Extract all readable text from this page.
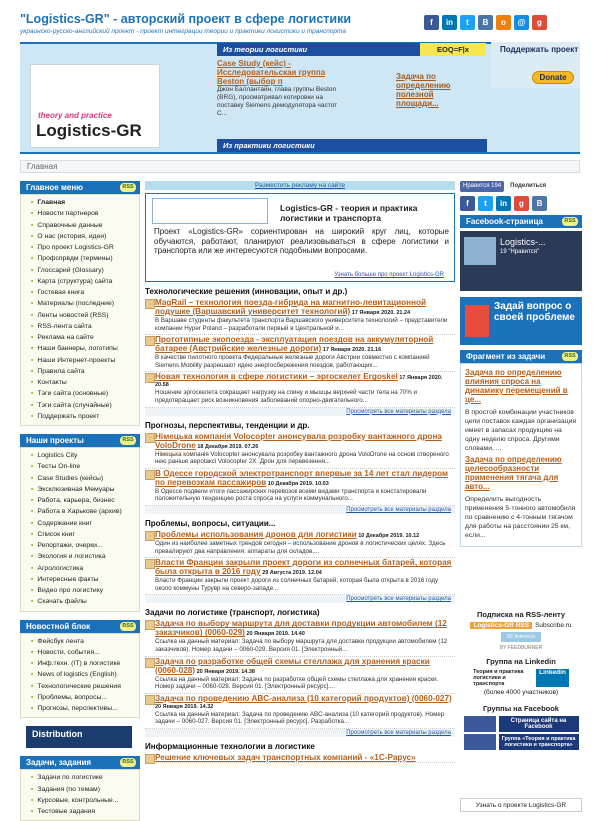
"Logistics-GR" - авторский проект в сфере логистики
украинско-русско-английский проект - проект интеграции теории и практики логистики и транспорта
f	in	t	B	o	@	g
theory and practice
Logistics-GR
Из теории логистики	EOQ=F|x
Из практики логистики
Case Study (кейс) - Исследовательская группа Beston (выбор п
Джон Баллантайн, глава группы Beston (BRG), просматривал котировки на поставку Siemens демодулятора частот С...
Задача по определению полезной площади...
Поддержать проект
Donate
Главная
Главное меню	RSS
■ Главная
■ Новости партнеров
■ Справочные данные
■ О нас (история, идеи)
■ Про проект Logistics-GR
■ Профспрвдм (термины)
■ Глоссарий (Glossary)
■ Карта (структура) сайта
■ Гостевая книга
■ Материалы (последние)
■ Ленты новостей (RSS)
■ RSS-лента сайта
■ Реклама на сайте
■ Наши баннеры, логотипы
■ Наши Интернет-проекты
■ Правила сайта
■ Контакты
■ Тэги сайта (основные)
■ Тэги сайта (случайные)
■ Поддержать проект
Наши проекты	RSS
■ Logistics City
■ Тесты On-line
■ Case Studies (кейсы)
■ Эксклюзивная Мемуары
■ Работа, карьера, бизнес
■ Работа в Харькове (архив)
■ Содержание книг
■ Список книг
■ Репортажи, очерки...
■ Экология и логистика
■ Агрологистика
■ Интересные факты
■ Видео про логистику
■ Скачать файлы
Новостной блок	RSS
■ Фейсбук лента
■ Новости, события...
■ Инф.техн. (IT) в логистике
■ News of logistics (English)
■ Технологические решения
■ Проблемы, вопросы...
■ Прогнозы, перспективы...
Distribution
Задачи, задания	RSS
■ Задачи по логистике
■ Задания (по темам)
■ Курсовые, контрольные...
■ Тестовые задания
Разместить рекламу на сайте
Logistics-GR - теория и практика логистики и транспорта
Проект «Logistics-GR» сориентирован на широкий круг лиц, которые обучаются, работают, планируют реализовываться в сфере логистики и транспорта или же интересуются подобными вопросами.
Узнать больше про проект Logistics-GR
Технологические решения (инновации, опыт и др.)
MagRail – технология поезда-гибрида на магнитно-левитационной подушке (Варшавский университет технологий) 17 Января 2020. 21.24
В Варшаве студенты факультета транспорта Варшавского университета технологий – представители компании Hyper Poland – разработали первый в Центральной и...
Прототипные экопоезда - эксплуатация поездов на аккумуляторной батарее (Австрийские железные дороги) 17 Января 2020. 21.16
В качестве пилотного проекта Федеральные железные дороги Австрии совместно с компанией Siemens Mobility разрешают идею энергосбережения поездов, работающих...
Новая технология в сфере логистики – эргоскелет Ergoskel 17 Января 2020. 20.58
Ношение эргоскелета сокращает нагрузку на спину и мышцы верхней части тела на 70% и предотвращает риск возникновения заболеваний опорно-двигательного...
Просмотреть все материалы раздела
Прогнозы, перспективы, тенденции и др.
Німецька компанія Volocopter анонсувала розробку вантажного дрона VoloDrone 18 Декабря 2019. 07.26
Німецька компанія Volocopter анонсувала розробку вантажного дрона VoloDrone на основі створеного нею раніше аерotaксі Volocopter 2X. Дрон для перевезення...
В Одессе городской электротранспорт впервые за 14 лет стал лидером по перевозкам пассажиров 10 Декабря 2019. 10.03
В Одессе подвели итоги пассажирских перевозок всеми видами транспорта и констатировали положительную тенденцию роста спроса на услуги коммунального...
Просмотреть все материалы раздела
Проблемы, вопросы, ситуации...
Проблемы использования дронов для логистики 10 Декабря 2019. 10.12
Один из наиболее заметных трендов сегодня – использование дронов в логистических целях. Здесь превалируют два направления: аппараты для складов,...
Власти Франции закрыли проект дороги из солнечных батарей, которая была открыта в 2016 году 29 Августа 2019. 12.04
Власти Франции закрыли проект дороги из солнечных батарей, которая была открыта в 2016 году около коммуны Турувр на северо-западе...
Просмотреть все материалы раздела
Задачи по логистике (транспорт, логистика)
Задача по выбору маршрута для доставки продукции автомобилем (12 заказчиков) (0060-029) 20 Января 2019. 14.40
Ссылка на данный материал: Задача по выбору маршрута для доставки продукции автомобилем (12 заказчиков). Номер задачи – 0060-029. Версия 01. [Электронный...
Задача по разработке общей схемы стеллажа для хранения краски (0060-028) 20 Января 2019. 14.38
Ссылка на данный материал: Задача по разработке общей схемы стеллажа для хранения краски. Номер задачи – 0060-028. Версия 01. [Электронный ресурс]....
Задача по проведению ABC-анализа (10 категорий продуктов) (0060-027) 20 Января 2019. 14.32
Ссылка на данный материал: Задача по проведению ABC-анализа (10 категорий продуктов). Номер задачи – 0060-027. Версия 01. [Электронный ресурс]. Разработка...
Просмотреть все материалы раздела
Информационные технологии в логистике
Решение ключевых задач транспортных компаний - «1С-Рарус»
Нравится 194	Поделиться
f	t	in	g	B
Facebook-страница	RSS
Logistics-...
19 "Нравится"
Задай вопрос о своей проблеме
Фрагмент из задачи	RSS
Задача по определению влияния спроса на динамику перемещений в це...
В простой комбинации участников цепи поставок каждая организация имеет в запасах продукцию на одну неделю спроса. Другими словами, ...
Задача по определению целесообразности применения тягача для авто...
Определить выгодность применения 5-тонного автомобиля по сравнению с 4-тонным тягачом для работы на расстоянии 25 км, если...
Подписка на RSS-ленту
Logistics-GR RSS Subscribe.ru
26 listeners
BY FEEDBURNER
Группа на Linkedin
Теория и практика логистики и транспорта
Linkedin
(более 4000 участников)
Группы на Facebook
Страница сайта на Facebook
Группа «Теория и практика логистики и транспорта»
Узнать о проекте Logistics-GR
